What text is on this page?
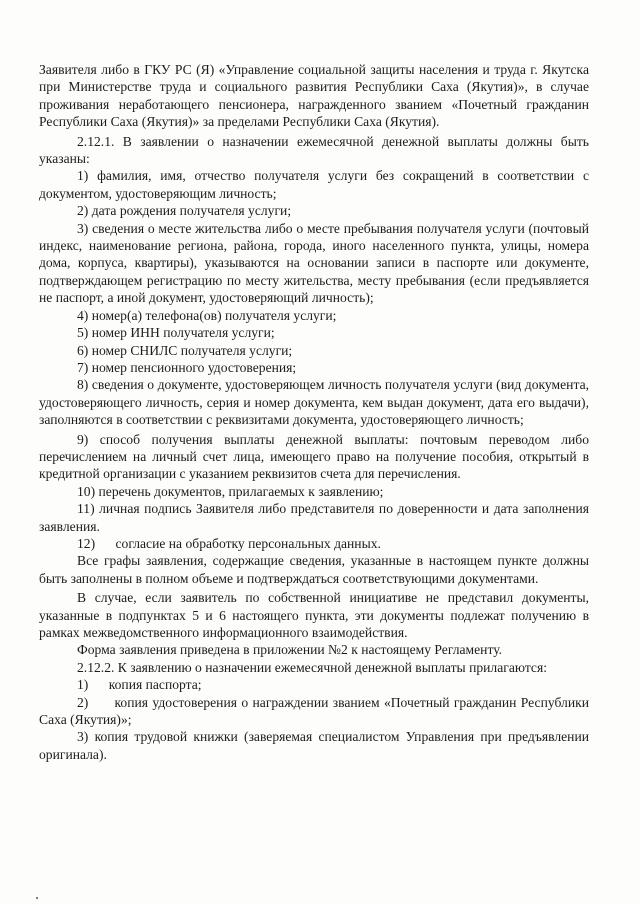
Заявителя либо в ГКУ РС (Я) «Управление социальной защиты населения и труда г. Якутска при Министерстве труда и социального развития Республики Саха (Якутия)», в случае проживания неработающего пенсионера, награжденного званием «Почетный гражданин Республики Саха (Якутия)» за пределами Республики Саха (Якутия).

2.12.1. В заявлении о назначении ежемесячной денежной выплаты должны быть указаны:

1) фамилия, имя, отчество получателя услуги без сокращений в соответствии с документом, удостоверяющим личность;

2) дата рождения получателя услуги;

3) сведения о месте жительства либо о месте пребывания получателя услуги (почтовый индекс, наименование региона, района, города, иного населенного пункта, улицы, номера дома, корпуса, квартиры), указываются на основании записи в паспорте или документе, подтверждающем регистрацию по месту жительства, месту пребывания (если предъявляется не паспорт, а иной документ, удостоверяющий личность);

4) номер(а) телефона(ов) получателя услуги;

5) номер ИНН получателя услуги;

6) номер СНИЛС получателя услуги;

7) номер пенсионного удостоверения;

8) сведения о документе, удостоверяющем личность получателя услуги (вид документа, удостоверяющего личность, серия и номер документа, кем выдан документ, дата его выдачи), заполняются в соответствии с реквизитами документа, удостоверяющего личность;

9) способ получения выплаты денежной выплаты: почтовым переводом либо перечислением на личный счет лица, имеющего право на получение пособия, открытый в кредитной организации с указанием реквизитов счета для перечисления.

10) перечень документов, прилагаемых к заявлению;

11) личная подпись Заявителя либо представителя по доверенности и дата заполнения заявления.

12)      согласие на обработку персональных данных.

Все графы заявления, содержащие сведения, указанные в настоящем пункте должны быть заполнены в полном объеме и подтверждаться соответствующими документами.

В случае, если заявитель по собственной инициативе не представил документы, указанные в подпунктах 5 и 6 настоящего пункта, эти документы подлежат получению в рамках межведомственного информационного взаимодействия.

Форма заявления приведена в приложении №2 к настоящему Регламенту.

2.12.2. К заявлению о назначении ежемесячной денежной выплаты прилагаются:

1)      копия паспорта;

2)      копия удостоверения о награждении званием «Почетный гражданин Республики Саха (Якутия)»;

3) копия трудовой книжки (заверяемая специалистом Управления при предъявлении оригинала).
